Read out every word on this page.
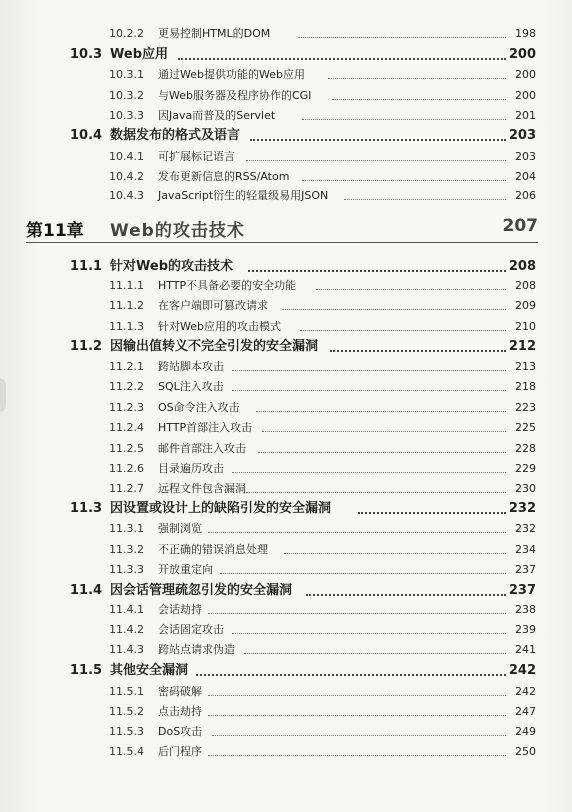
10.2.2 更易控制HTML的DOM	198
10.3 Web应用	200
10.3.1 通过Web提供功能的Web应用	200
10.3.2 与Web服务器及程序协作的CGI	200
10.3.3 因Java而普及的Servlet	201
10.4 数据发布的格式及语言	203
10.4.1 可扩展标记语言	203
10.4.2 发布更新信息的RSS/Atom	204
10.4.3 JavaScript衍生的轻量级易用JSON	206
第11章 Web的攻击技术	207
11.1 针对Web的攻击技术	208
11.1.1 HTTP不具备必要的安全功能	208
11.1.2 在客户端即可篡改请求	209
11.1.3 针对Web应用的攻击模式	210
11.2 因输出值转义不完全引发的安全漏洞	212
11.2.1 跨站脚本攻击	213
11.2.2 SQL注入攻击	218
11.2.3 OS命令注入攻击	223
11.2.4 HTTP首部注入攻击	225
11.2.5 邮件首部注入攻击	228
11.2.6 目录遍历攻击	229
11.2.7 远程文件包含漏洞	230
11.3 因设置或设计上的缺陷引发的安全漏洞	232
11.3.1 强制浏览	232
11.3.2 不正确的错误消息处理	234
11.3.3 开放重定向	237
11.4 因会话管理疏忽引发的安全漏洞	237
11.4.1 会话劫持	238
11.4.2 会话固定攻击	239
11.4.3 跨站点请求伪造	241
11.5 其他安全漏洞	242
11.5.1 密码破解	242
11.5.2 点击劫持	247
11.5.3 DoS攻击	249
11.5.4 后门程序	250
